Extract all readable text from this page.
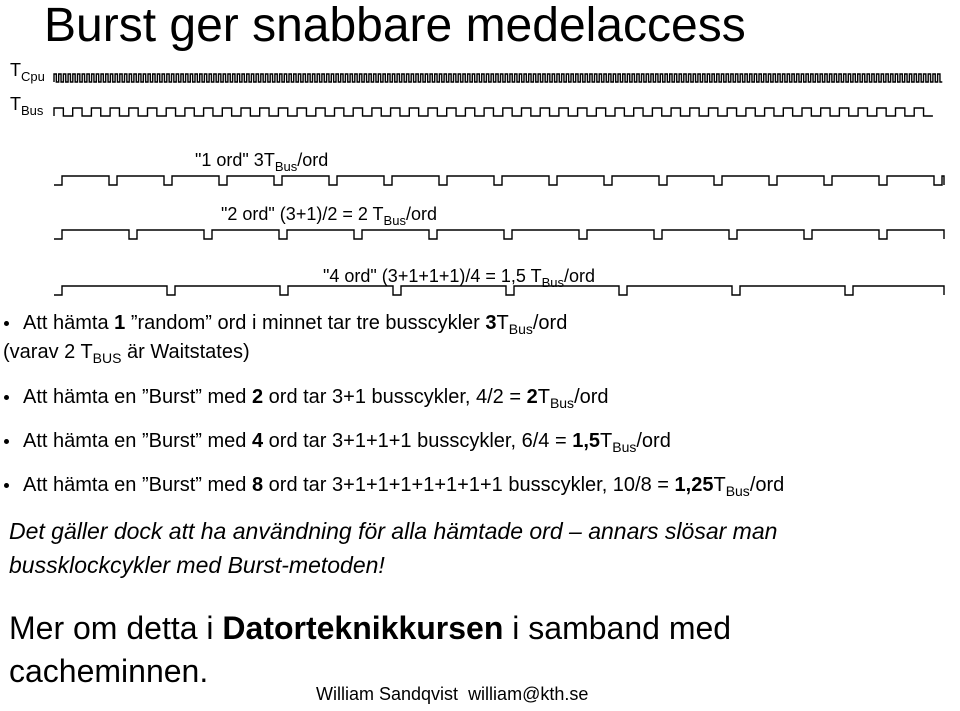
Burst ger snabbare medelaccess
$T_{Cpu}$
$T_{Bus}$
"1 ord" $3T_{Bus}$/ord
"2 ord" (3+1)/2 = 2 $T_{Bus}$/ord
"4 ord" (3+1+1+1)/4 = 1,5 $T_{Bus}$/ord
Att hämta 1 ”random” ord i minnet tar tre busscykler $3T_{Bus}$/ord
(varav 2 $T_{BUS}$ är Waitstates)
Att hämta en ”Burst” med 2 ord tar 3+1 busscykler, $4/2 = 2T_{Bus}$/ord
Att hämta en ”Burst” med 4 ord tar 3+1+1+1 busscykler, $6/4 = 1,5T_{Bus}$/ord
Att hämta en ”Burst” med 8 ord tar 3+1+1+1+1+1+1+1 busscykler, $10/8 = 1,25T_{Bus}$/ord
Det gäller dock att ha användning för alla hämtade ord – annars slösar man
bussklockcykler med Burst-metoden!
Mer om detta i Datorteknikkursen i samband med
cacheminnen.
William Sandqvist william@kth.se
